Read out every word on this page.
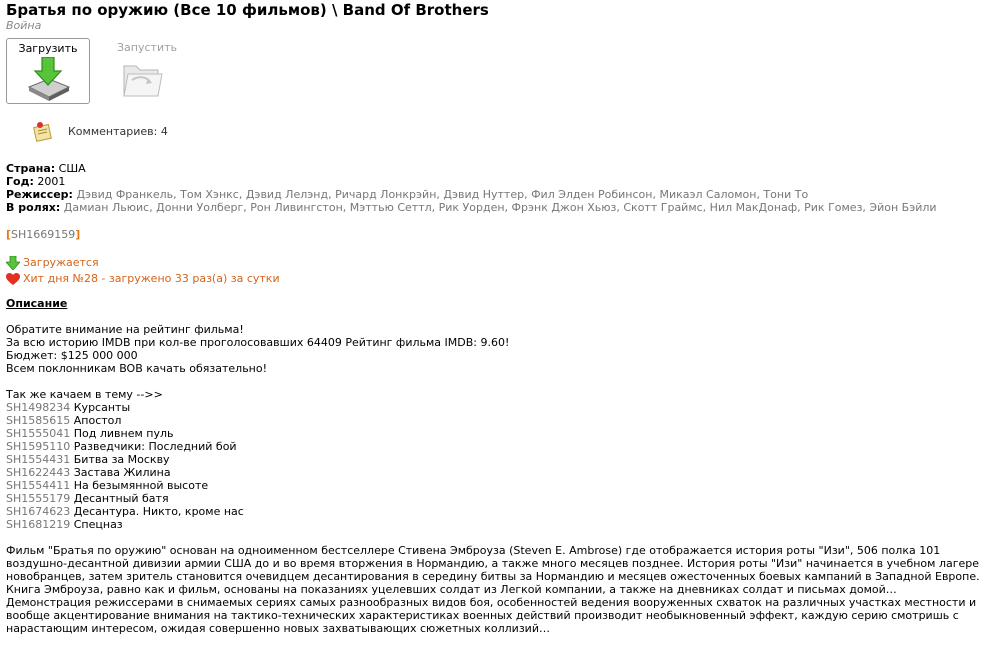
Братья по оружию (Все 10 фильмов) \ Band Of Brothers
Война
Загрузить	Запустить
Комментариев: 4
Страна: США
Год: 2001
Режиссер: Дэвид Франкель, Том Хэнкс, Дэвид Лелэнд, Ричард Лонкрэйн, Дэвид Нуттер, Фил Элден Робинсон, Микаэл Саломон, Тони То
В ролях: Дамиан Льюис, Донни Уолберг, Рон Ливингстон, Мэттью Сеттл, Рик Уорден, Фрэнк Джон Хьюз, Скотт Граймс, Нил МакДонаф, Рик Гомез, Эйон Бэйли
[SH1669159]
Загружается
Хит дня №28 - загружено 33 раз(а) за сутки
Описание

Обратите внимание на рейтинг фильма!

За всю историю IMDB при кол-ве проголосовавших 64409 Рейтинг фильма IMDB: 9.60!

Бюджет: $125 000 000

Всем поклонникам BOB качать обязательно!

Так же качаем в тему -->>

SH1498234 Курсанты

SH1585615 Апостол

SH1555041 Под ливнем пуль

SH1595110 Разведчики: Последний бой

SH1554431 Битва за Москву

SH1622443 Застава Жилина

SH1554411 На безымянной высоте

SH1555179 Десантный батя

SH1674623 Десантура. Никто, кроме нас

SH1681219 Спецназ

Фильм "Братья по оружию" основан на одноименном бестселлере Стивена Эмброуза (Steven E. Ambrose) где отображается история роты "Изи", 506 полка 101 воздушно-десантной дивизии армии США до и во время вторжения в Нормандию, а также много месяцев позднее. История роты "Изи" начинается в учебном лагере новобранцев, затем зритель становится очевидцем десантирования в середину битвы за Нормандию и месяцев ожесточенных боевых кампаний в Западной Европе. Книга Эмброуза, равно как и фильм, основаны на показаниях уцелевших солдат из Легкой компании, а также на дневниках солдат и письмах домой…

Демонстрация режиссерами в снимаемых сериях самых разнообразных видов боя, особенностей ведения вооруженных схваток на различных участках местности и вообще акцентирование внимания на тактико-технических характеристиках военных действий производит необыкновенный эффект, каждую серию смотришь с нарастающим интересом, ожидая совершенно новых захватывающих сюжетных коллизий…
